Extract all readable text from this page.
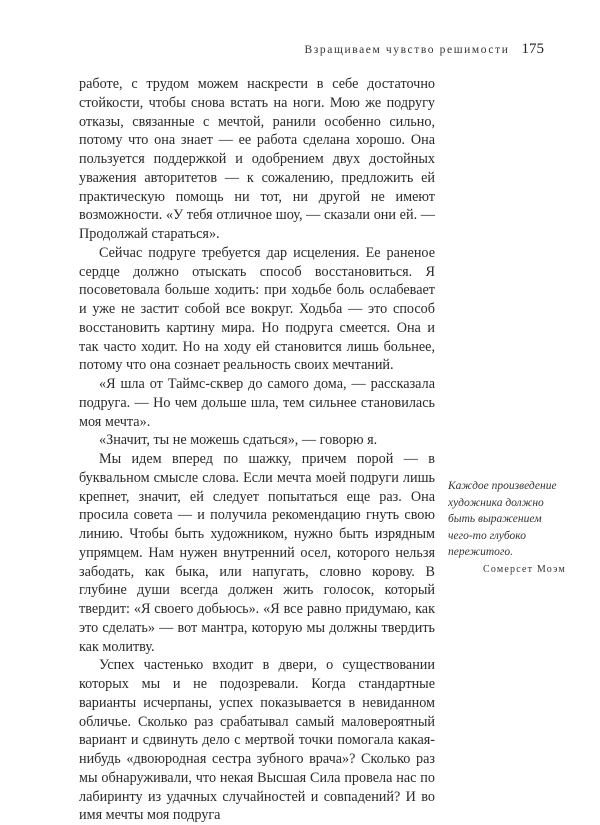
Взращиваем чувство решимости 175

работе, с трудом можем наскрести в себе достаточно стойкости, чтобы снова встать на ноги. Мою же подругу отказы, связанные с мечтой, ранили особенно сильно, потому что она знает — ее работа сделана хорошо. Она пользуется поддержкой и одобрением двух достойных уважения авторитетов — к сожалению, предложить ей практическую помощь ни тот, ни другой не имеют возможности. «У тебя отличное шоу, — сказали они ей. — Продолжай стараться».

Сейчас подруге требуется дар исцеления. Ее раненое сердце должно отыскать способ восстановиться. Я посоветовала больше ходить: при ходьбе боль ослабевает и уже не застит собой все вокруг. Ходьба — это способ восстановить картину мира. Но подруга смеется. Она и так часто ходит. Но на ходу ей становится лишь больнее, потому что она сознает реальность своих мечтаний.

«Я шла от Таймс-сквер до самого дома, — рассказала подруга. — Но чем дольше шла, тем сильнее становилась моя мечта».

«Значит, ты не можешь сдаться», — говорю я.

Мы идем вперед по шажку, причем порой — в буквальном смысле слова. Если мечта моей подруги лишь крепнет, значит, ей следует попытаться еще раз. Она просила совета — и получила рекомендацию гнуть свою линию. Чтобы быть художником, нужно быть изрядным упрямцем. Нам нужен внутренний осел, которого нельзя забодать, как быка, или напугать, словно корову. В глубине души всегда должен жить голосок, который твердит: «Я своего добьюсь». «Я все равно придумаю, как это сделать» — вот мантра, которую мы должны твердить как молитву.

Успех частенько входит в двери, о существовании которых мы и не подозревали. Когда стандартные варианты исчерпаны, успех показывается в невиданном обличье. Сколько раз срабатывал самый маловероятный вариант и сдвинуть дело с мертвой точки помогала какая-нибудь «двоюродная сестра зубного врача»? Сколько раз мы обнаруживали, что некая Высшая Сила провела нас по лабиринту из удачных случайностей и совпадений? И во имя мечты моя подруга

Каждое произведение художника должно быть выражением чего-то глубоко пережитого.

Сомерсет Моэм
